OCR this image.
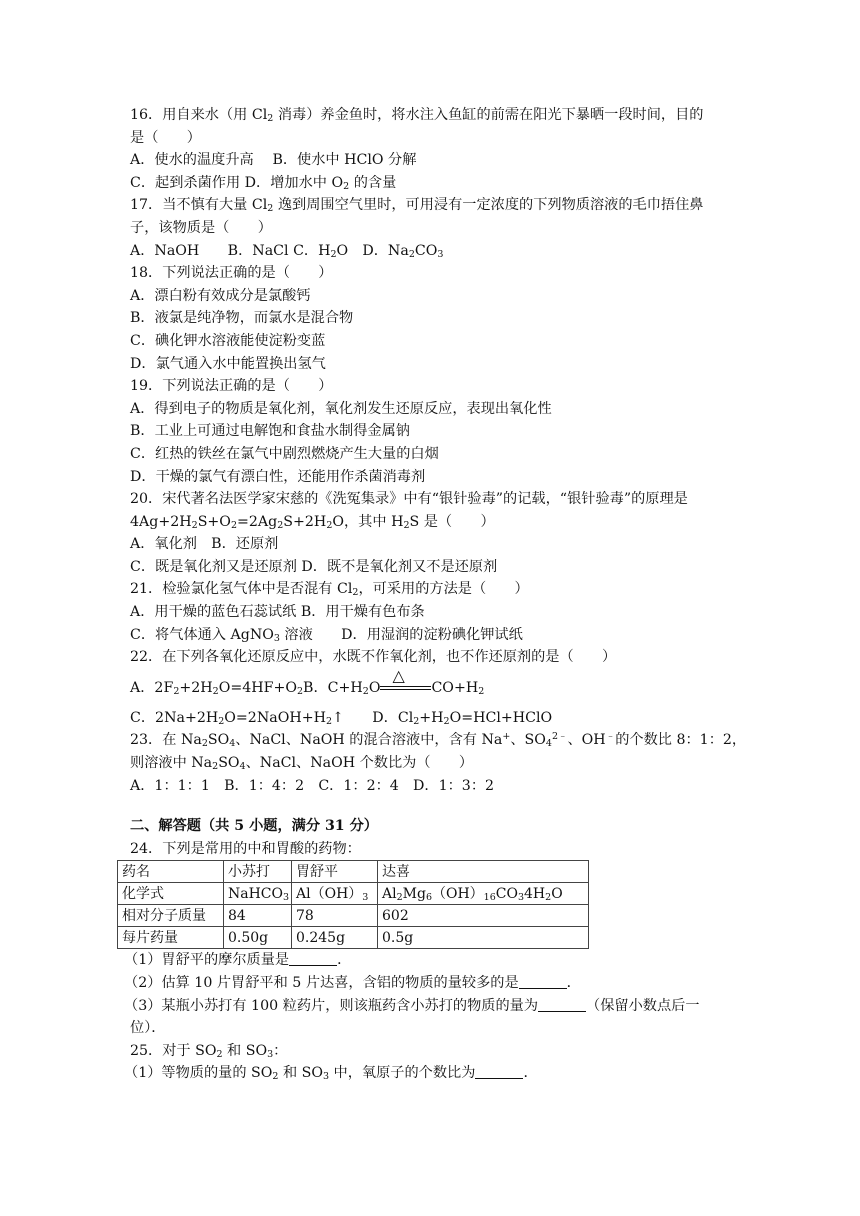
16．用自来水（用 $Cl_2$ 消毒）养金鱼时，将水注入鱼缸的前需在阳光下暴晒一段时间，目的
是（　　）
A．使水的温度升高　 B．使水中 HClO 分解
C．起到杀菌作用 D．增加水中 $O_2$ 的含量
17．当不慎有大量 $Cl_2$ 逸到周围空气里时，可用浸有一定浓度的下列物质溶液的毛巾捂住鼻
子，该物质是（　　）
A．NaOH　　B．NaCl C．$H_2O$　D．$Na_2CO_3$
18．下列说法正确的是（　　）
A．漂白粉有效成分是氯酸钙
B．液氯是纯净物，而氯水是混合物
C．碘化钾水溶液能使淀粉变蓝
D．氯气通入水中能置换出氢气
19．下列说法正确的是（　　）
A．得到电子的物质是氧化剂，氧化剂发生还原反应，表现出氧化性
B．工业上可通过电解饱和食盐水制得金属钠
C．红热的铁丝在氯气中剧烈燃烧产生大量的白烟
D．干燥的氯气有漂白性，还能用作杀菌消毒剂
20．宋代著名法医学家宋慈的《洗冤集录》中有“银针验毒”的记载，“银针验毒”的原理是
$4Ag+2H_2S+O_2=2Ag_2S+2H_2O$，其中 $H_2S$ 是（　　）
A．氧化剂　B．还原剂
C．既是氧化剂又是还原剂 D．既不是氧化剂又不是还原剂
21．检验氯化氢气体中是否混有 $Cl_2$，可采用的方法是（　　）
A．用干燥的蓝色石蕊试纸 B．用干燥有色布条
C．将气体通入 AgNO$_3$ 溶液　　D．用湿润的淀粉碘化钾试纸
22．在下列各氧化还原反应中，水既不作氧化剂，也不作还原剂的是（　　）
A．$2F_2+2H_2O=4HF+O_2B$．$C+H_2O$
△
$CO+H_2$
C．$2Na+2H_2O=2NaOH+H_2↑$　　D．$Cl_2+H_2O=HCl+HClO$
23．在 $Na_2SO_4$、NaCl、NaOH 的混合溶液中，含有 Na+、$SO_4^{2﹣}$、OH﹣的个数比 8：1：2，
则溶液中 $Na_2SO_4$、NaCl、NaOH 个数比为（　　）
A．1：1：1　B．1：4：2　C．1：2：4　D．1：3：2
二、解答题（共 5 小题，满分 31 分）
24．下列是常用的中和胃酸的药物：
药名	小苏打	胃舒平	达喜
化学式	NaHCO$_3$	$Al(OH)_3$	$Al_2Mg_6(OH)_{16}CO_34H_2O$
相对分子质量	84	78	602
每片药量	0.50g	0.245g	0.5g
（1）胃舒平的摩尔质量是	．
（2）估算 10 片胃舒平和 5 片达喜，含铝的物质的量较多的是	．
（3）某瓶小苏打有 100 粒药片，则该瓶药含小苏打的物质的量为	（保留小数点后一
位）．
25．对于 $SO_2$ 和 $SO_3$：
（1）等物质的量的 $SO_2$ 和 $SO_3$ 中，氧原子的个数比为	．
